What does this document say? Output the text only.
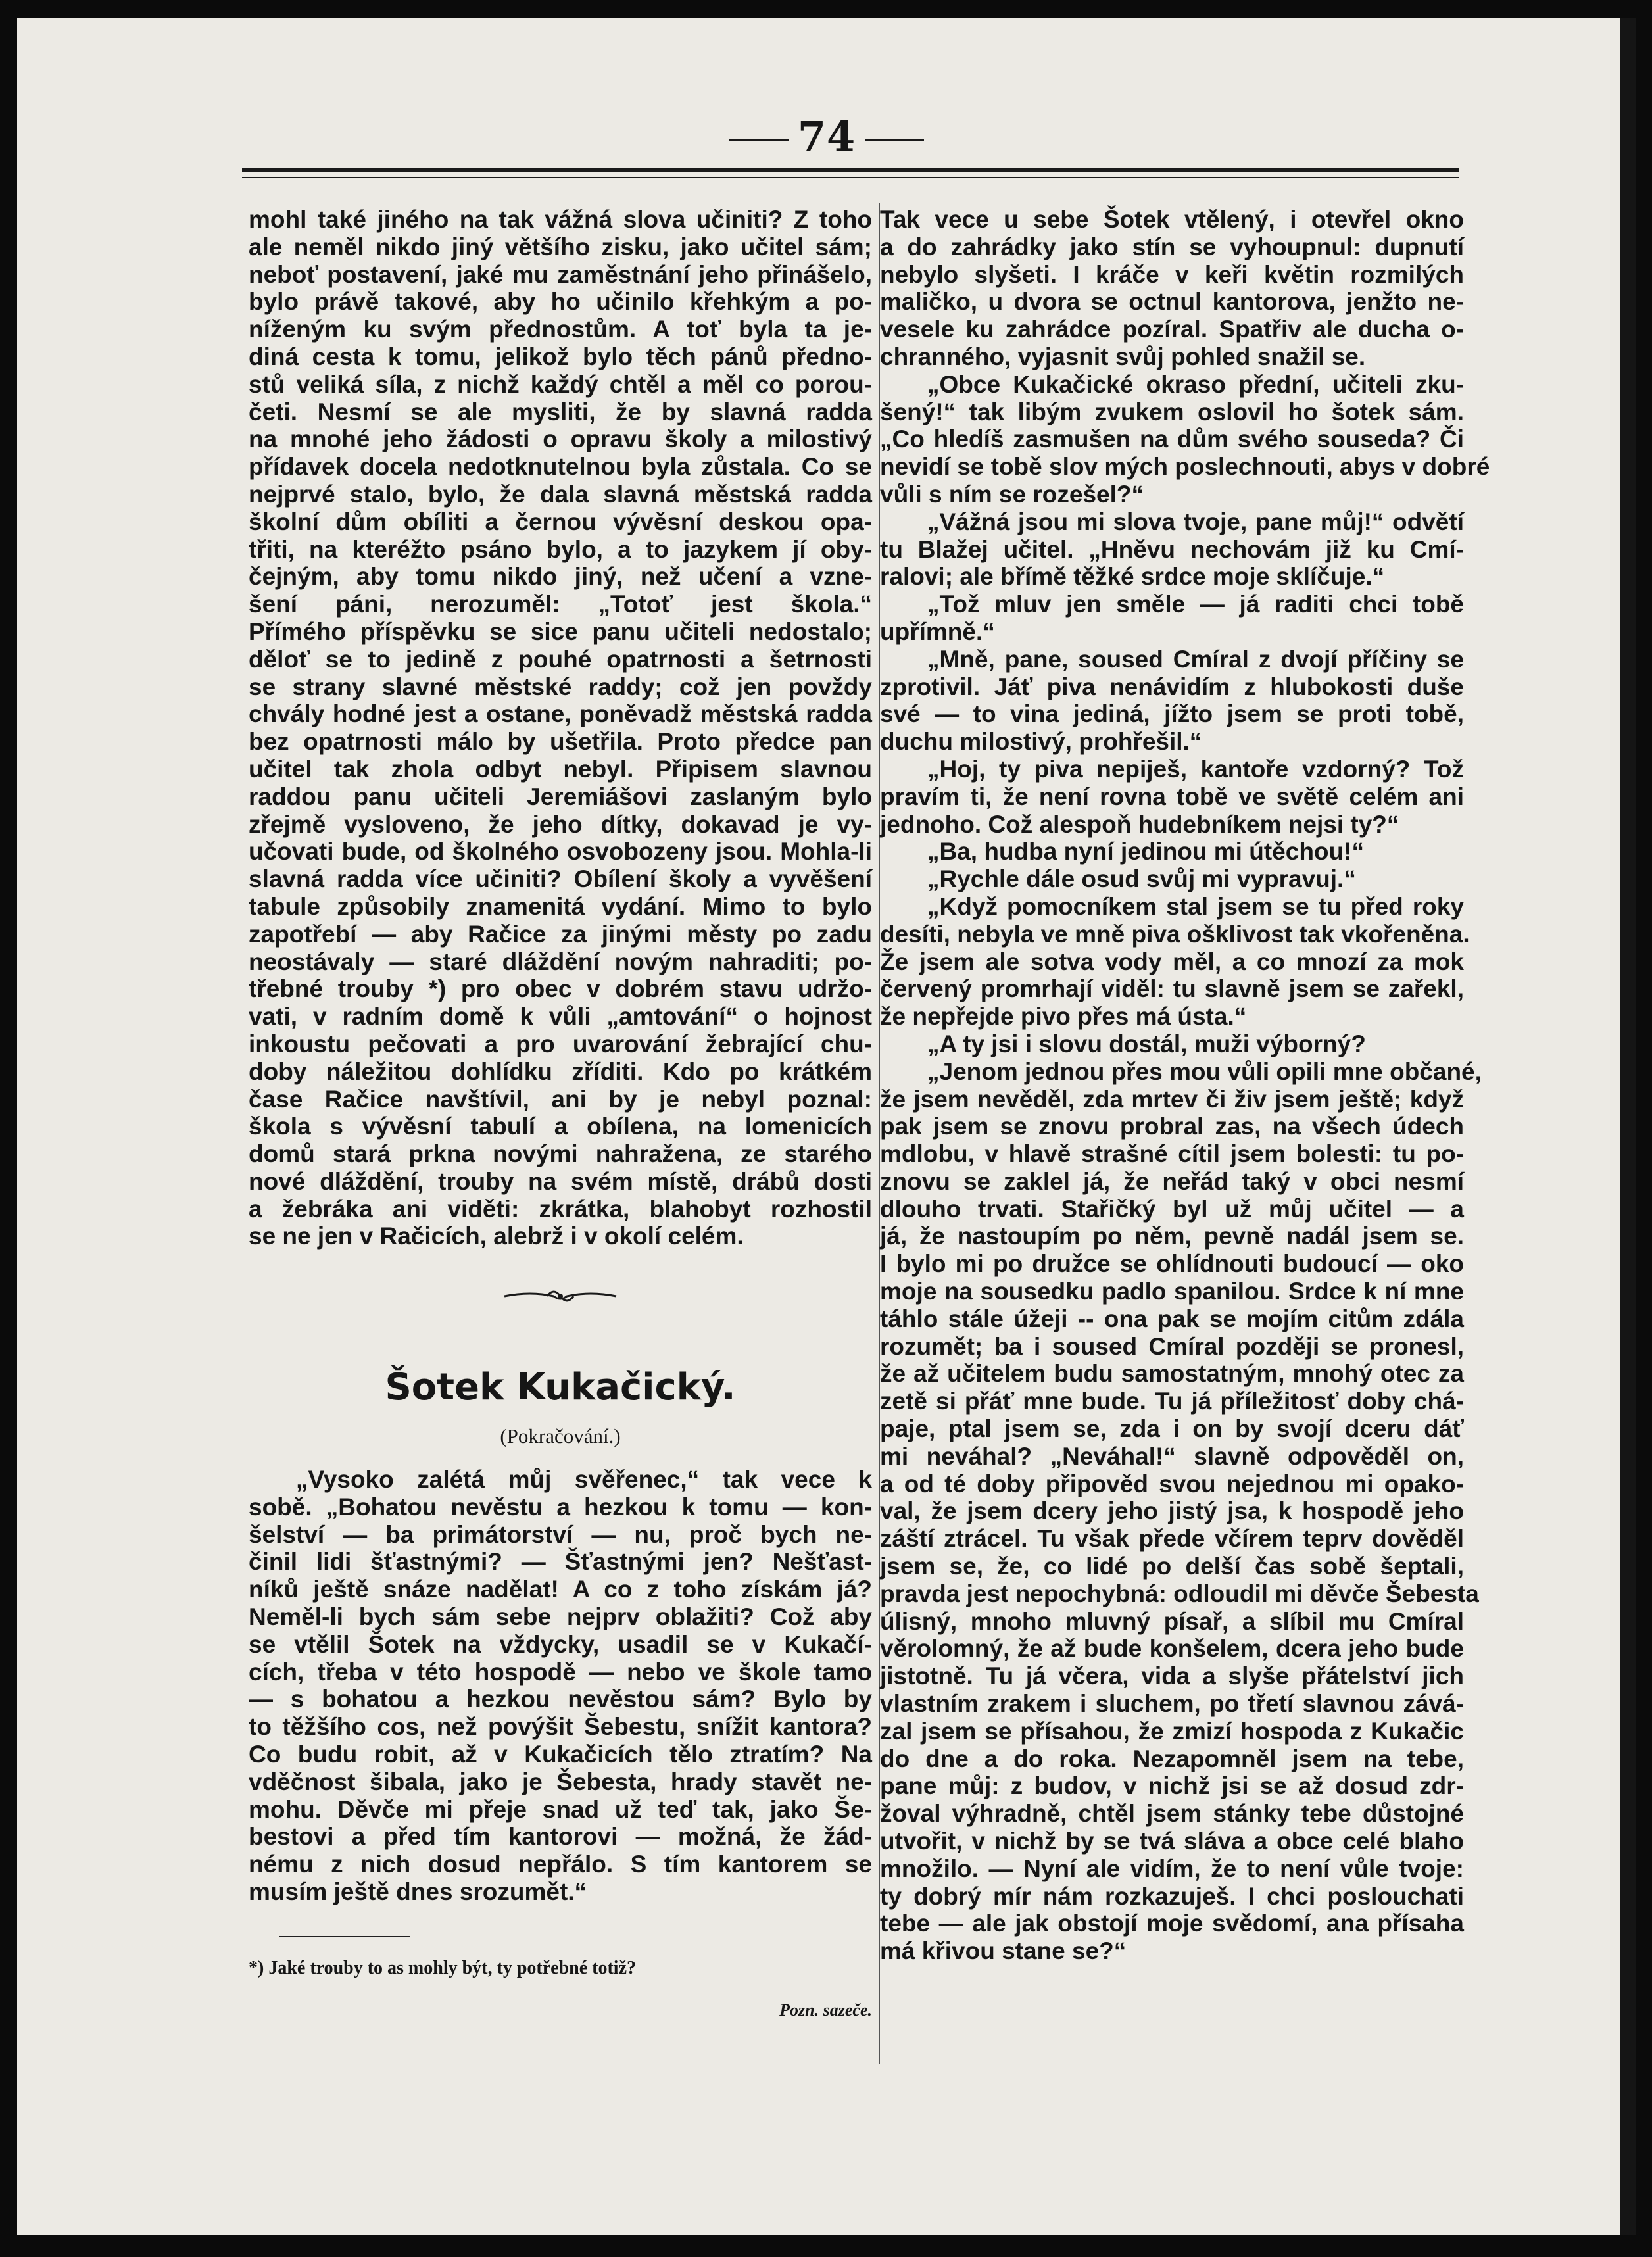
74
mohl také jiného na tak vážná slova učiniti? Z toho
ale neměl nikdo jiný většího zisku, jako učitel sám;
neboť postavení, jaké mu zaměstnání jeho přinášelo,
bylo právě takové, aby ho učinilo křehkým a po-
níženým ku svým přednostům. A toť byla ta je-
diná cesta k tomu, jelikož bylo těch pánů předno-
stů veliká síla, z nichž každý chtěl a měl co porou-
četi. Nesmí se ale mysliti, že by slavná radda
na mnohé jeho žádosti o opravu školy a milostivý
přídavek docela nedotknutelnou byla zůstala. Co se
nejprvé stalo, bylo, že dala slavná městská radda
školní dům obíliti a černou vývěsní deskou opa-
třiti, na kteréžto psáno bylo, a to jazykem jí oby-
čejným, aby tomu nikdo jiný, než učení a vzne-
šení páni, nerozuměl: „Totoť jest škola.“
Přímého příspěvku se sice panu učiteli nedostalo;
děloť se to jedině z pouhé opatrnosti a šetrnosti
se strany slavné městské raddy; což jen povždy
chvály hodné jest a ostane, poněvadž městská radda
bez opatrnosti málo by ušetřila. Proto předce pan
učitel tak zhola odbyt nebyl. Připisem slavnou
raddou panu učiteli Jeremiášovi zaslaným bylo
zřejmě vysloveno, že jeho dítky, dokavad je vy-
učovati bude, od školného osvobozeny jsou. Mohla-li
slavná radda více učiniti? Obílení školy a vyvěšení
tabule způsobily znamenitá vydání. Mimo to bylo
zapotřebí — aby Račice za jinými městy po zadu
neostávaly — staré dláždění novým nahraditi; po-
třebné trouby *) pro obec v dobrém stavu udržo-
vati, v radním domě k vůli „amtování“ o hojnost
inkoustu pečovati a pro uvarování žebrající chu-
doby náležitou dohlídku zříditi. Kdo po krátkém
čase Račice navštívil, ani by je nebyl poznal:
škola s vývěsní tabulí a obílena, na lomenicích
domů stará prkna novými nahražena, ze starého
nové dláždění, trouby na svém místě, drábů dosti
a žebráka ani viděti: zkrátka, blahobyt rozhostil
se ne jen v Račicích, alebrž i v okolí celém.
Šotek Kukačický.
(Pokračování.)
„Vysoko zalétá můj svěřenec,“ tak vece k
sobě. „Bohatou nevěstu a hezkou k tomu — kon-
šelství — ba primátorství — nu, proč bych ne-
činil lidi šťastnými? — Šťastnými jen? Nešťast-
níků ještě snáze nadělat! A co z toho získám já?
Neměl-li bych sám sebe nejprv oblažiti? Což aby
se vtělil Šotek na vždycky, usadil se v Kukačí-
cích, třeba v této hospodě — nebo ve škole tamo
— s bohatou a hezkou nevěstou sám? Bylo by
to těžšího cos, než povýšit Šebestu, snížit kantora?
Co budu robit, až v Kukačicích tělo ztratím? Na
vděčnost šibala, jako je Šebesta, hrady stavět ne-
mohu. Děvče mi přeje snad už teď tak, jako Še-
bestovi a před tím kantorovi — možná, že žád-
nému z nich dosud nepřálo. S tím kantorem se
musím ještě dnes srozumět.“
*) Jaké trouby to as mohly být, ty potřebné totiž?
Pozn. sazeče.
Tak vece u sebe Šotek vtělený, i otevřel okno
a do zahrádky jako stín se vyhoupnul: dupnutí
nebylo slyšeti. I kráče v keři květin rozmilých
maličko, u dvora se octnul kantorova, jenžto ne-
vesele ku zahrádce pozíral. Spatřiv ale ducha o-
chranného, vyjasnit svůj pohled snažil se.
„Obce Kukačické okraso přední, učiteli zku-
šený!“ tak libým zvukem oslovil ho šotek sám.
„Co hledíš zasmušen na dům svého souseda? Či
nevidí se tobě slov mých poslechnouti, abys v dobré
vůli s ním se rozešel?“
„Vážná jsou mi slova tvoje, pane můj!“ odvětí
tu Blažej učitel. „Hněvu nechovám již ku Cmí-
ralovi; ale břímě těžké srdce moje sklíčuje.“
„Tož mluv jen směle — já raditi chci tobě
upřímně.“
„Mně, pane, soused Cmíral z dvojí příčiny se
zprotivil. Jáť piva nenávidím z hlubokosti duše
své — to vina jediná, jížto jsem se proti tobě,
duchu milostivý, prohřešil.“
„Hoj, ty piva nepiješ, kantoře vzdorný? Tož
pravím ti, že není rovna tobě ve světě celém ani
jednoho. Což alespoň hudebníkem nejsi ty?“
„Ba, hudba nyní jedinou mi útěchou!“
„Rychle dále osud svůj mi vypravuj.“
„Když pomocníkem stal jsem se tu před roky
desíti, nebyla ve mně piva ošklivost tak vkořeněna.
Že jsem ale sotva vody měl, a co mnozí za mok
červený promrhají viděl: tu slavně jsem se zařekl,
že nepřejde pivo přes má ústa.“
„A ty jsi i slovu dostál, muži výborný?
„Jenom jednou přes mou vůli opili mne občané,
že jsem nevěděl, zda mrtev či živ jsem ještě; když
pak jsem se znovu probral zas, na všech údech
mdlobu, v hlavě strašné cítil jsem bolesti: tu po-
znovu se zaklel já, že neřád taký v obci nesmí
dlouho trvati. Stařičký byl už můj učitel — a
já, že nastoupím po něm, pevně nadál jsem se.
I bylo mi po družce se ohlídnouti budoucí — oko
moje na sousedku padlo spanilou. Srdce k ní mne
táhlo stále úžeji -- ona pak se mojím citům zdála
rozumět; ba i soused Cmíral později se pronesl,
že až učitelem budu samostatným, mnohý otec za
zetě si přáť mne bude. Tu já příležitosť doby chá-
paje, ptal jsem se, zda i on by svojí dceru dáť
mi neváhal? „Neváhal!“ slavně odpověděl on,
a od té doby připověd svou nejednou mi opako-
val, že jsem dcery jeho jistý jsa, k hospodě jeho
záští ztrácel. Tu však přede včírem teprv dověděl
jsem se, že, co lidé po delší čas sobě šeptali,
pravda jest nepochybná: odloudil mi děvče Šebesta
úlisný, mnoho mluvný písař, a slíbil mu Cmíral
věrolomný, že až bude konšelem, dcera jeho bude
jistotně. Tu já včera, vida a slyše přátelství jich
vlastním zrakem i sluchem, po třetí slavnou zává-
zal jsem se přísahou, že zmizí hospoda z Kukačic
do dne a do roka. Nezapomněl jsem na tebe,
pane můj: z budov, v nichž jsi se až dosud zdr-
žoval výhradně, chtěl jsem stánky tebe důstojné
utvořit, v nichž by se tvá sláva a obce celé blaho
množilo. — Nyní ale vidím, že to není vůle tvoje:
ty dobrý mír nám rozkazuješ. I chci poslouchati
tebe — ale jak obstojí moje svědomí, ana přísaha
má křivou stane se?“
